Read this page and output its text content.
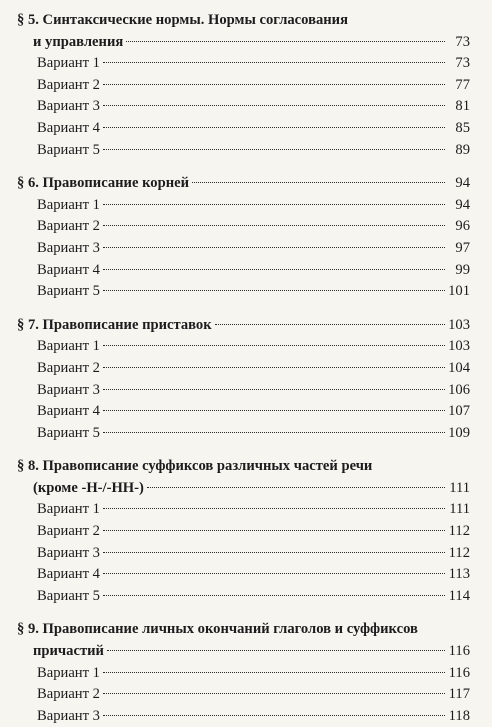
§ 5. Синтаксические нормы. Нормы согласования
и управления	73
Вариант 1	73
Вариант 2	77
Вариант 3	81
Вариант 4	85
Вариант 5	89
§ 6. Правописание корней	94
Вариант 1	94
Вариант 2	96
Вариант 3	97
Вариант 4	99
Вариант 5	101
§ 7. Правописание приставок	103
Вариант 1	103
Вариант 2	104
Вариант 3	106
Вариант 4	107
Вариант 5	109
§ 8. Правописание суффиксов различных частей речи
(кроме -Н-/-НН-)	111
Вариант 1	111
Вариант 2	112
Вариант 3	112
Вариант 4	113
Вариант 5	114
§ 9. Правописание личных окончаний глаголов и суффиксов
причастий	116
Вариант 1	116
Вариант 2	117
Вариант 3	118
